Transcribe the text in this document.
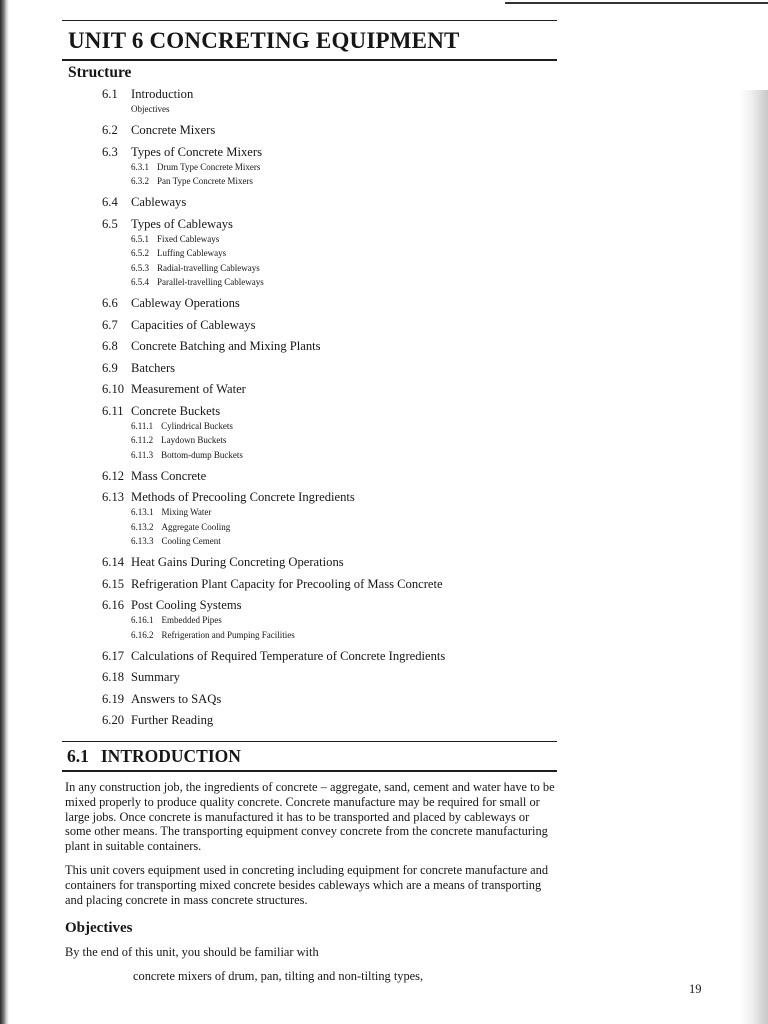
UNIT 6 CONCRETING EQUIPMENT
Structure
6.1 Introduction
Objectives
6.2 Concrete Mixers
6.3 Types of Concrete Mixers
6.3.1 Drum Type Concrete Mixers
6.3.2 Pan Type Concrete Mixers
6.4 Cableways
6.5 Types of Cableways
6.5.1 Fixed Cableways
6.5.2 Luffing Cableways
6.5.3 Radial-travelling Cableways
6.5.4 Parallel-travelling Cableways
6.6 Cableway Operations
6.7 Capacities of Cableways
6.8 Concrete Batching and Mixing Plants
6.9 Batchers
6.10 Measurement of Water
6.11 Concrete Buckets
6.11.1 Cylindrical Buckets
6.11.2 Laydown Buckets
6.11.3 Bottom-dump Buckets
6.12 Mass Concrete
6.13 Methods of Precooling Concrete Ingredients
6.13.1 Mixing Water
6.13.2 Aggregate Cooling
6.13.3 Cooling Cement
6.14 Heat Gains During Concreting Operations
6.15 Refrigeration Plant Capacity for Precooling of Mass Concrete
6.16 Post Cooling Systems
6.16.1 Embedded Pipes
6.16.2 Refrigeration and Pumping Facilities
6.17 Calculations of Required Temperature of Concrete Ingredients
6.18 Summary
6.19 Answers to SAQs
6.20 Further Reading
6.1 INTRODUCTION

In any construction job, the ingredients of concrete – aggregate, sand, cement and water have to be mixed properly to produce quality concrete. Concrete manufacture may be required for small or large jobs. Once concrete is manufactured it has to be transported and placed by cableways or some other means. The transporting equipment convey concrete from the concrete manufacturing plant in suitable containers.

This unit covers equipment used in concreting including equipment for concrete manufacture and containers for transporting mixed concrete besides cableways which are a means of transporting and placing concrete in mass concrete structures.

Objectives

By the end of this unit, you should be familiar with

concrete mixers of drum, pan, tilting and non-tilting types,

19
